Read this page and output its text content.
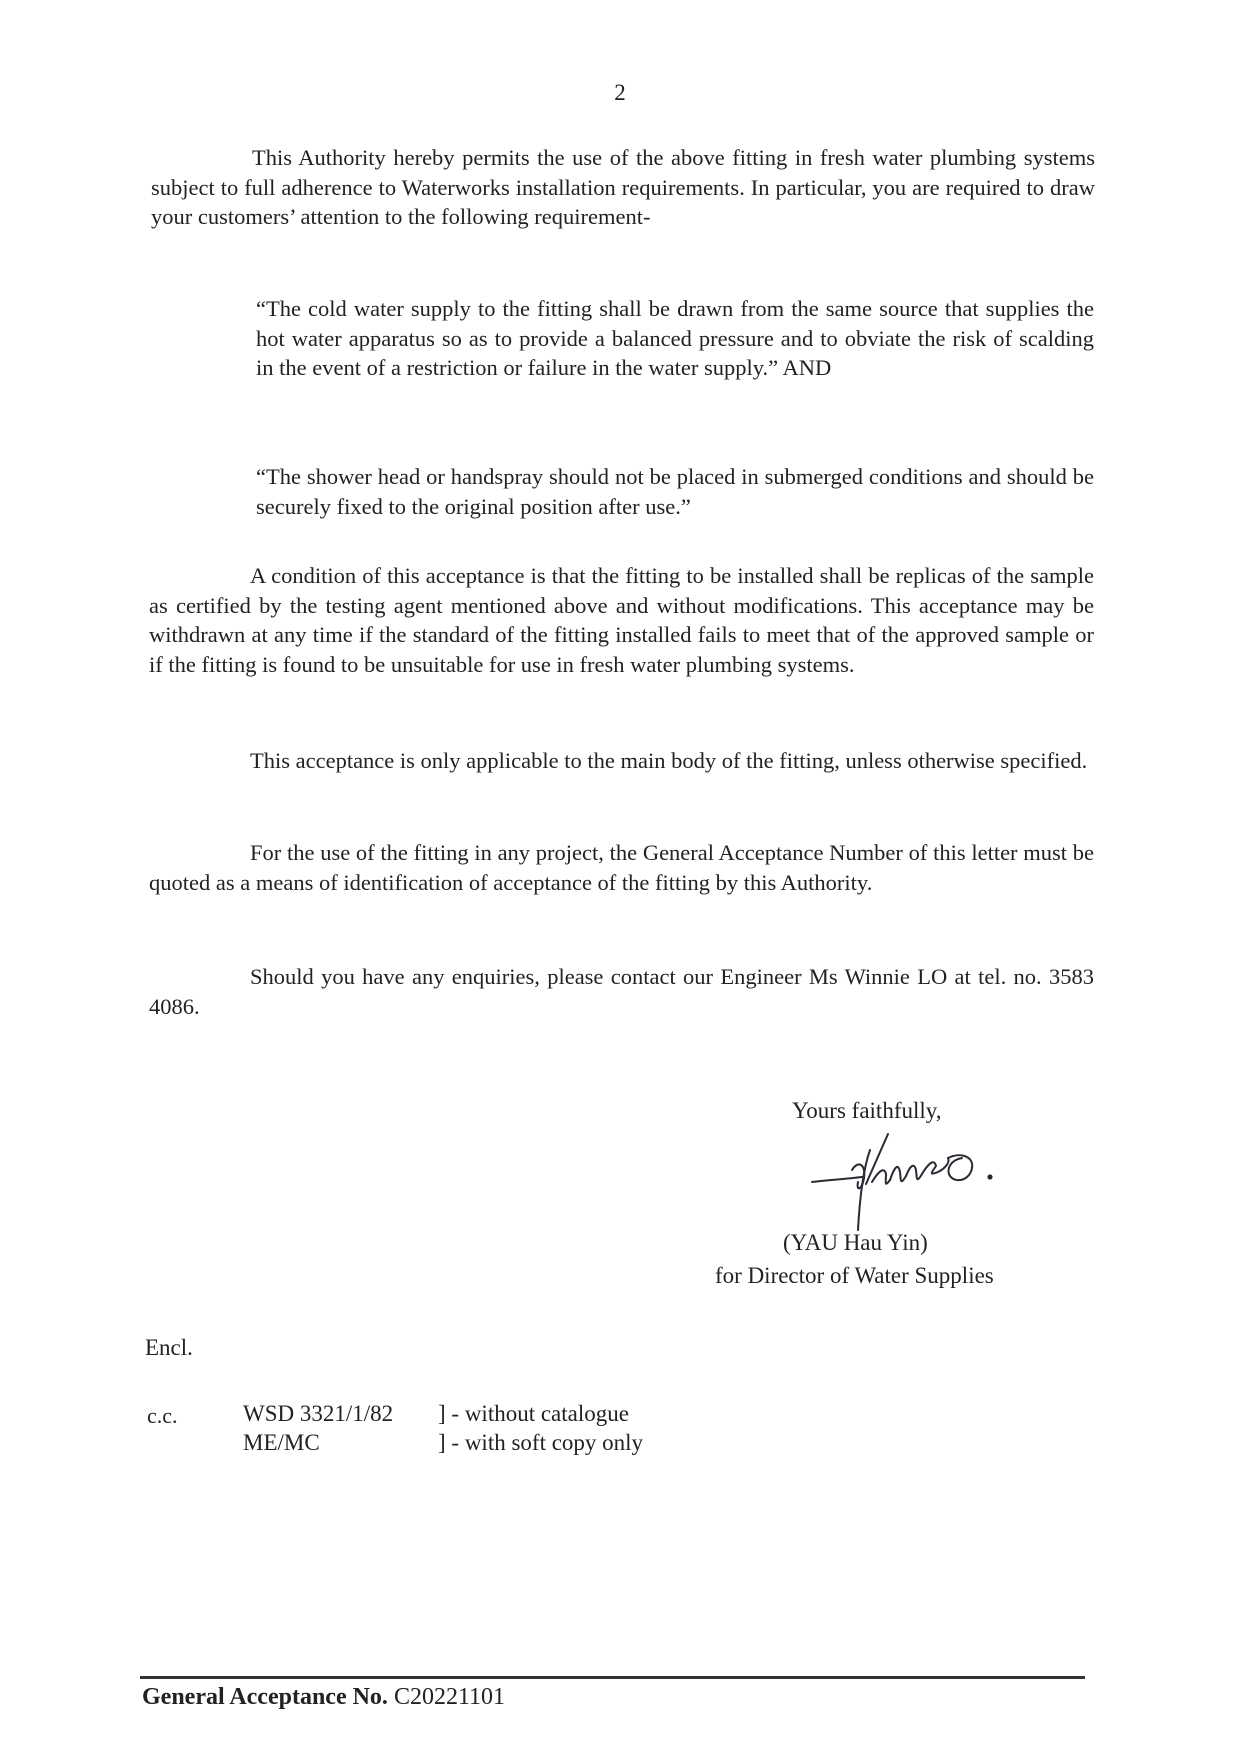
2
This Authority hereby permits the use of the above fitting in fresh water plumbing systems subject to full adherence to Waterworks installation requirements. In particular, you are required to draw your customers’ attention to the following requirement-
“The cold water supply to the fitting shall be drawn from the same source that supplies the hot water apparatus so as to provide a balanced pressure and to obviate the risk of scalding in the event of a restriction or failure in the water supply.” AND
“The shower head or handspray should not be placed in submerged conditions and should be securely fixed to the original position after use.”
A condition of this acceptance is that the fitting to be installed shall be replicas of the sample as certified by the testing agent mentioned above and without modifications. This acceptance may be withdrawn at any time if the standard of the fitting installed fails to meet that of the approved sample or if the fitting is found to be unsuitable for use in fresh water plumbing systems.
This acceptance is only applicable to the main body of the fitting, unless otherwise specified.
For the use of the fitting in any project, the General Acceptance Number of this letter must be quoted as a means of identification of acceptance of the fitting by this Authority.
Should you have any enquiries, please contact our Engineer Ms Winnie LO at tel. no. 3583 4086.
Yours faithfully,
(YAU Hau Yin)
for Director of Water Supplies
Encl.
c.c.	WSD 3321/1/82 ] - without catalogue
ME/MC	] - with soft copy only
General Acceptance No. C20221101
